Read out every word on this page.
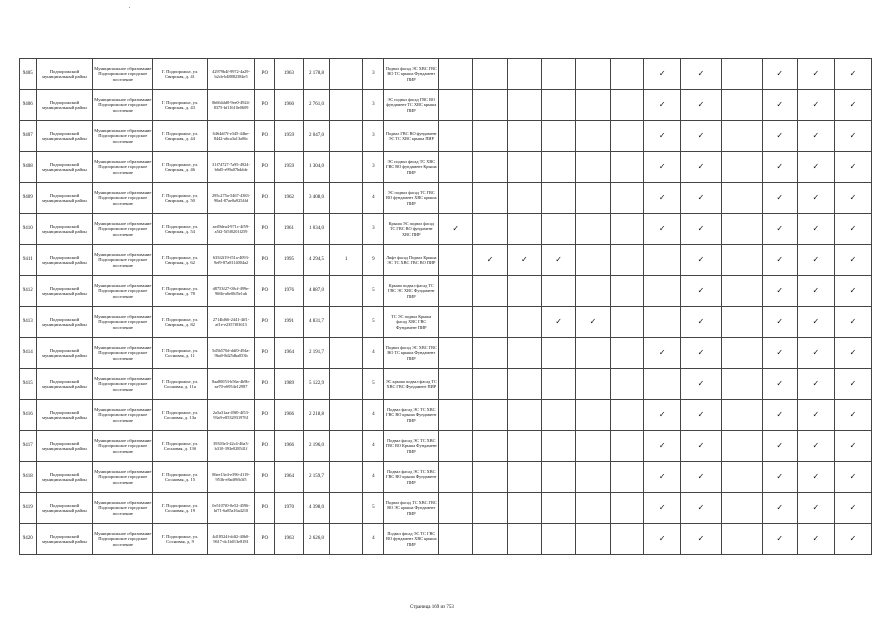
9405	Подпорожский муниципальный район	Муниципальное образование Подпорожское городское поселение	Г. Подпорожье, ул. Свирская, д. 41	42979b4f-9972-4a29-b2cb-b48882384e5	РО	1963	2 178,8		3	Подвал фасад ЭС ХВС ГВС ВО ТС крыша Фундамент ПИР							✓	✓		✓	✓	✓
9406	Подпорожский муниципальный район	Муниципальное образование Подпорожское городское поселение	Г. Подпорожье, ул. Свирская, д. 43	0b664dd0-9ee0-4924-8375-bf11610e0609	РО	1960	2 761,0		3	ЭС подвал фасад ГВС ВО фундамент ТС ХВС крыша ПИР							✓	✓		✓	✓	✓
9407	Подпорожский муниципальный район	Муниципальное образование Подпорожское городское поселение	Г. Подпорожье, ул. Свирская, д. 44	6464df7f-e345-44be-8442-a6ca3a13a06c	РО	1959	2 047,0		3	Подвал ГВС ВО фундамент ЭС ТС ХВС крыша ПИР							✓	✓		✓	✓	✓
9408	Подпорожский муниципальный район	Муниципальное образование Подпорожское городское поселение	Г. Подпорожье, ул. Свирская, д. 46	31f74727-7a95-4924-b6d5-e99a07bddde	РО	1959	1 304,0		3	ЭС подвал фасад ТС ХВС ГВС ВО фундамент Крыша ПИР							✓	✓		✓	✓	✓
9409	Подпорожский муниципальный район	Муниципальное образование Подпорожское городское поселение	Г. Подпорожье, ул. Свирская, д. 50	295c275a-5467-4383-90a4-87ae0a9254fd	РО	1962	3 408,0		4	ЭС подвал фасад ТС ГВС ВО фундамент ХВС крыша ПИР							✓	✓		✓	✓	✓
9410	Подпорожский муниципальный район	Муниципальное образование Подпорожское городское поселение	Г. Подпорожье, ул. Свирская, д. 54	ae49dea4-971c-4f59-a5f2-5f5f0201f259	РО	1961	1 034,0		3	Крыша ЭС подвал фасад ТС ГВС ВО фундамент ХВС ПИР	✓						✓	✓		✓	✓	✓
9411	Подпорожский муниципальный район	Муниципальное образование Подпорожское городское поселение	Г. Подпорожье, ул. Свирская, д. 62	635f2f19-f51a-4093-9ef9-87a8114004a2	РО	1995	4 294,5	1	9	Лифт фасад Подвал Крыша ЭС ТС ХВС ГВС ВО ПИР		✓	✓	✓				✓		✓	✓	✓
9412	Подпорожский муниципальный район	Муниципальное образование Подпорожское городское поселение	Г. Подпорожье, ул. Свирская, д. 78	d8753f27-00cf-499e-966b-a6e06f5e1ab	РО	1976	4 887,0		5	Крыша подвал фасад ТС ГВС ЭС ХВС Фундамент ПИР								✓		✓	✓	✓
9413	Подпорожский муниципальный район	Муниципальное образование Подпорожское городское поселение	Г. Подпорожье, ул. Свирская, д. 82	2714bf66-2441-4ff1-af1e-e2357f03613	РО	1991	4 831,7		5	ТС ЭС подвал Крыша фасад ХВС ГВС Фундамент ПИР				✓	✓			✓		✓	✓	✓
9414	Подпорожский муниципальный район	Муниципальное образование Подпорожское городское поселение	Г. Подпорожье, ул. Сосновая, д. 11	5d5b570d-ddf0-494a-9ba9-8d25dba053b	РО	1964	2 191,7		4	Подвал фасад ЭС ХВС ГВС ВО ТС крыша Фундамент ПИР							✓	✓		✓	✓	✓
9415	Подпорожский муниципальный район	Муниципальное образование Подпорожское городское поселение	Г. Подпорожье, ул. Сосновая, д. 11а	8aa80053-b56a-4b9b-ae70-e6954e12987	РО	1989	5 122,9		5	ЭС крыша подвал фасад ТС ХВС ГВС Фундамент ПИР								✓		✓	✓	✓
9416	Подпорожский муниципальный район	Муниципальное образование Подпорожское городское поселение	Г. Подпорожье, ул. Сосновая, д. 13а	2a5a31aa-49f0-4f53-93a9-e85329319761	РО	1966	2 218,8		4	Подвал фасад ЭС ТС ХВС ГВС ВО крыша Фундамент ПИР							✓	✓		✓	✓	✓
9417	Подпорожский муниципальный район	Муниципальное образование Подпорожское городское поселение	Г. Подпорожье, ул. Сосновая, д. 13б	39303e3-42c4-46a3-b310-393e028541f	РО	1966	2 196,0		4	Подвал фасад ЭС ТС ХВС ГВС ВО Крыша Фундамент ПИР							✓	✓		✓	✓	✓
9418	Подпорожский муниципальный район	Муниципальное образование Подпорожское городское поселение	Г. Подпорожье, ул. Сосновая, д. 15	86ee13e4-e396-4119-953b-e8adf9fb3f5	РО	1964	2 159,7		4	Подвал фасад ЭС ТС ХВС ГВС ВО крыша Фундамент ПИР							✓	✓		✓	✓	✓
9419	Подпорожский муниципальный район	Муниципальное образование Подпорожское городское поселение	Г. Подпорожье, ул. Сосновая, д. 19	0e5107f0-0e52-4596-bf71-6a85a16a4210	РО	1970	4 398,0		5	Подвал фасад ТС ХВС ГВС ВО ЭС крыша Фундамент ПИР							✓	✓		✓	✓	✓
9420	Подпорожский муниципальный район	Муниципальное образование Подпорожское городское поселение	Г. Подпорожье, ул. Сосновая, д. 9	4d18524f-ddf2-40b0-9617-dc1b013e8181	РО	1963	2 626,0		4	Подвал фасад ЭС ТС ГВС ВО фундамент ХВС крыша ПИР							✓	✓		✓	✓	✓
Страница 169 из 753
